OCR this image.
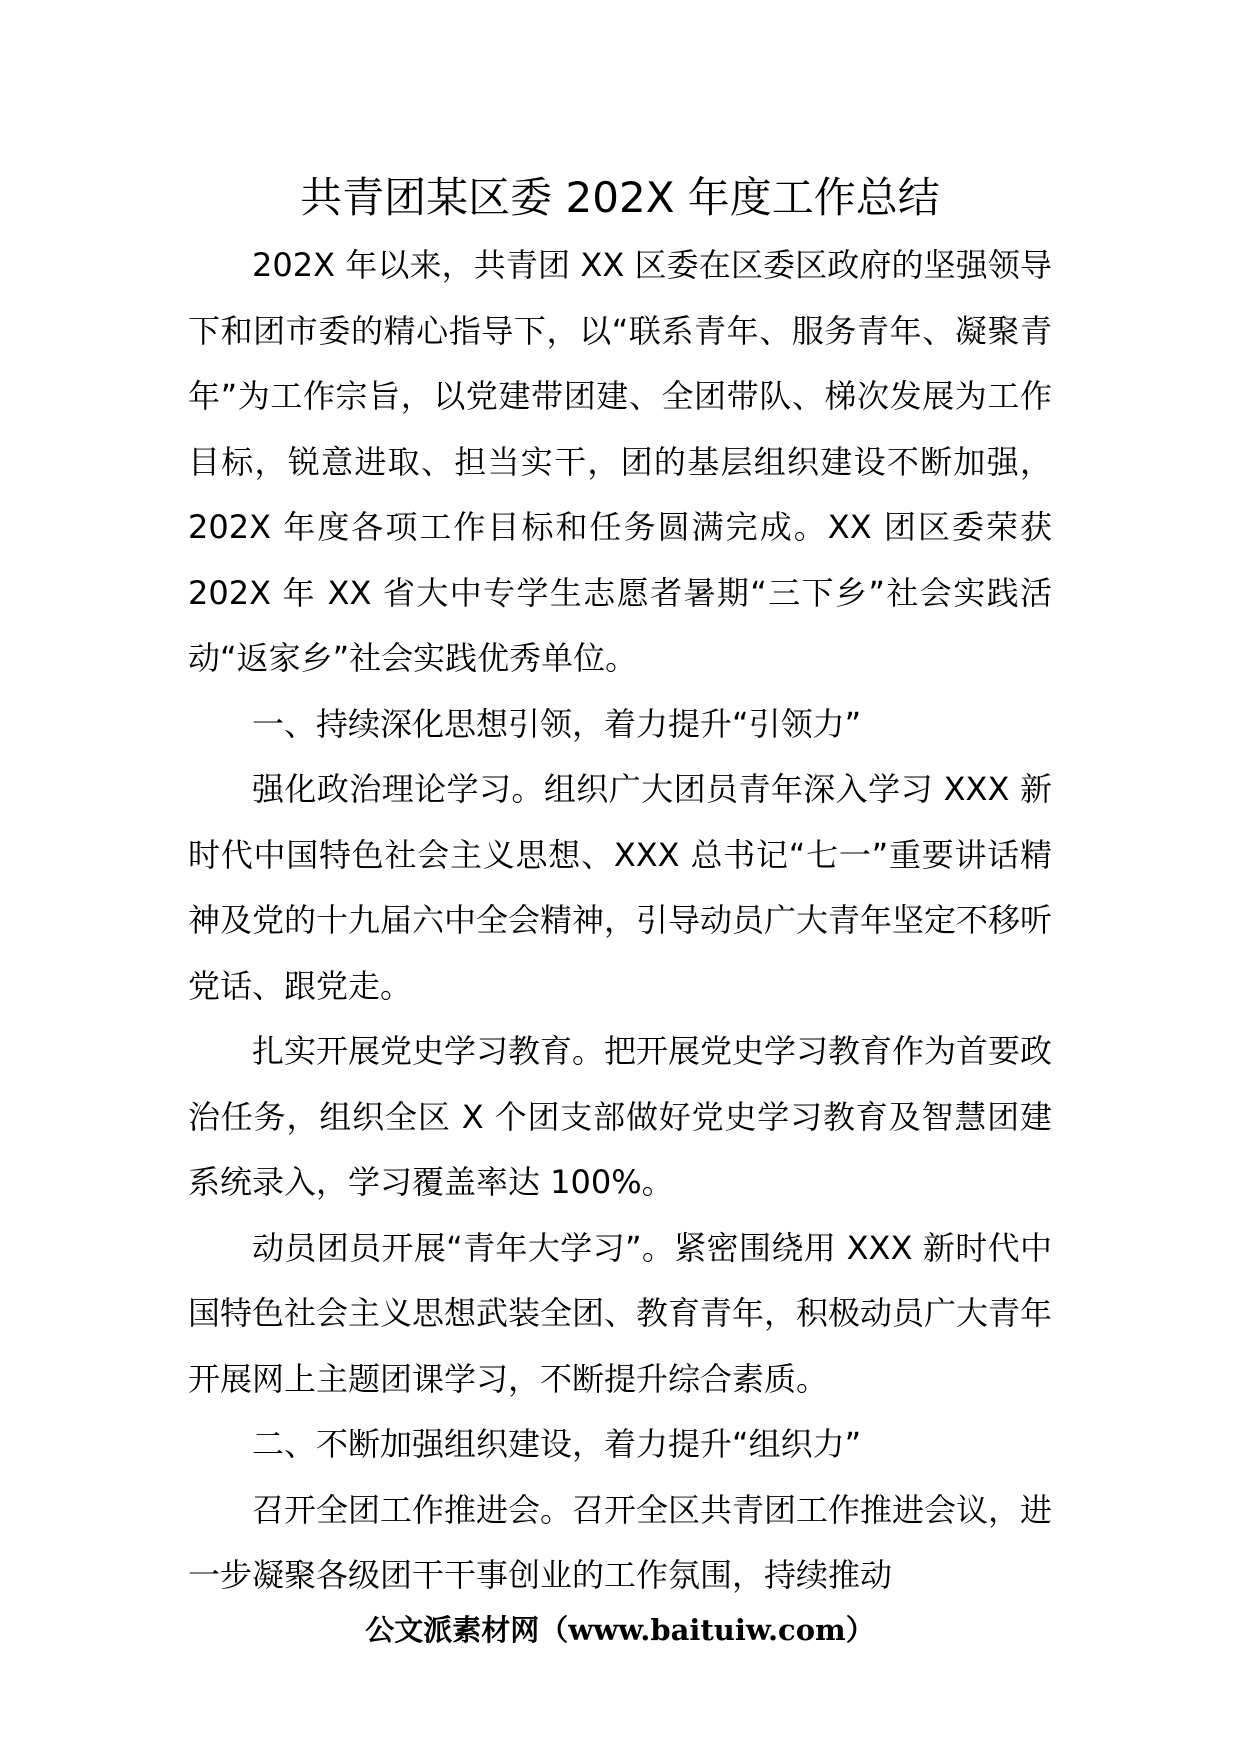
共青团某区委 202X 年度工作总结

202X 年以来，共青团 XX 区委在区委区政府的坚强领导下和团市委的精心指导下，以“联系青年、服务青年、凝聚青年”为工作宗旨，以党建带团建、全团带队、梯次发展为工作目标，锐意进取、担当实干，团的基层组织建设不断加强，202X 年度各项工作目标和任务圆满完成。XX 团区委荣获 202X 年 XX 省大中专学生志愿者暑期“三下乡”社会实践活动“返家乡”社会实践优秀单位。

一、持续深化思想引领，着力提升“引领力”

强化政治理论学习。组织广大团员青年深入学习 XXX 新时代中国特色社会主义思想、XXX 总书记“七一”重要讲话精神及党的十九届六中全会精神，引导动员广大青年坚定不移听党话、跟党走。

扎实开展党史学习教育。把开展党史学习教育作为首要政治任务，组织全区 X 个团支部做好党史学习教育及智慧团建系统录入，学习覆盖率达 100%。

动员团员开展“青年大学习”。紧密围绕用 XXX 新时代中国特色社会主义思想武装全团、教育青年，积极动员广大青年开展网上主题团课学习，不断提升综合素质。

二、不断加强组织建设，着力提升“组织力”

召开全团工作推进会。召开全区共青团工作推进会议，进一步凝聚各级团干干事创业的工作氛围，持续推动

公文派素材网（www.baituiw.com）
